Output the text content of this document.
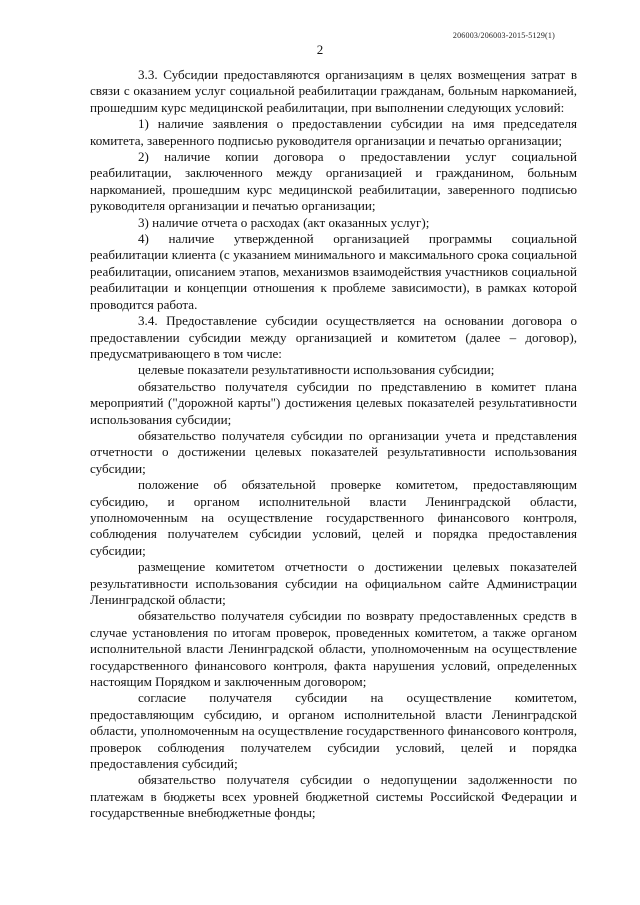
206003/206003-2015-5129(1)
2

3.3. Субсидии предоставляются организациям в целях возмещения затрат в связи с оказанием услуг социальной реабилитации гражданам, больным наркоманией, прошедшим курс медицинской реабилитации, при выполнении следующих условий:

1) наличие заявления о предоставлении субсидии на имя председателя комитета, заверенного подписью руководителя организации и печатью организации;

2) наличие копии договора о предоставлении услуг социальной реабилитации, заключенного между организацией и гражданином, больным наркоманией, прошедшим курс медицинской реабилитации, заверенного подписью руководителя организации и печатью организации;

3) наличие отчета о расходах (акт оказанных услуг);

4) наличие утвержденной организацией программы социальной реабилитации клиента (с указанием минимального и максимального срока социальной реабилитации, описанием этапов, механизмов взаимодействия участников социальной реабилитации и концепции отношения к проблеме зависимости), в рамках которой проводится работа.

3.4. Предоставление субсидии осуществляется на основании договора о предоставлении субсидии между организацией и комитетом (далее – договор), предусматривающего в том числе:

целевые показатели результативности использования субсидии;

обязательство получателя субсидии по представлению в комитет плана мероприятий ("дорожной карты") достижения целевых показателей результативности использования субсидии;

обязательство получателя субсидии по организации учета и представления отчетности о достижении целевых показателей результативности использования субсидии;

положение об обязательной проверке комитетом, предоставляющим субсидию, и органом исполнительной власти Ленинградской области, уполномоченным на осуществление государственного финансового контроля, соблюдения получателем субсидии условий, целей и порядка предоставления субсидии;

размещение комитетом отчетности о достижении целевых показателей результативности использования субсидии на официальном сайте Администрации Ленинградской области;

обязательство получателя субсидии по возврату предоставленных средств в случае установления по итогам проверок, проведенных комитетом, а также органом исполнительной власти Ленинградской области, уполномоченным на осуществление государственного финансового контроля, факта нарушения условий, определенных настоящим Порядком и заключенным договором;

согласие получателя субсидии на осуществление комитетом, предоставляющим субсидию, и органом исполнительной власти Ленинградской области, уполномоченным на осуществление государственного финансового контроля, проверок соблюдения получателем субсидии условий, целей и порядка предоставления субсидий;

обязательство получателя субсидии о недопущении задолженности по платежам в бюджеты всех уровней бюджетной системы Российской Федерации и государственные внебюджетные фонды;
